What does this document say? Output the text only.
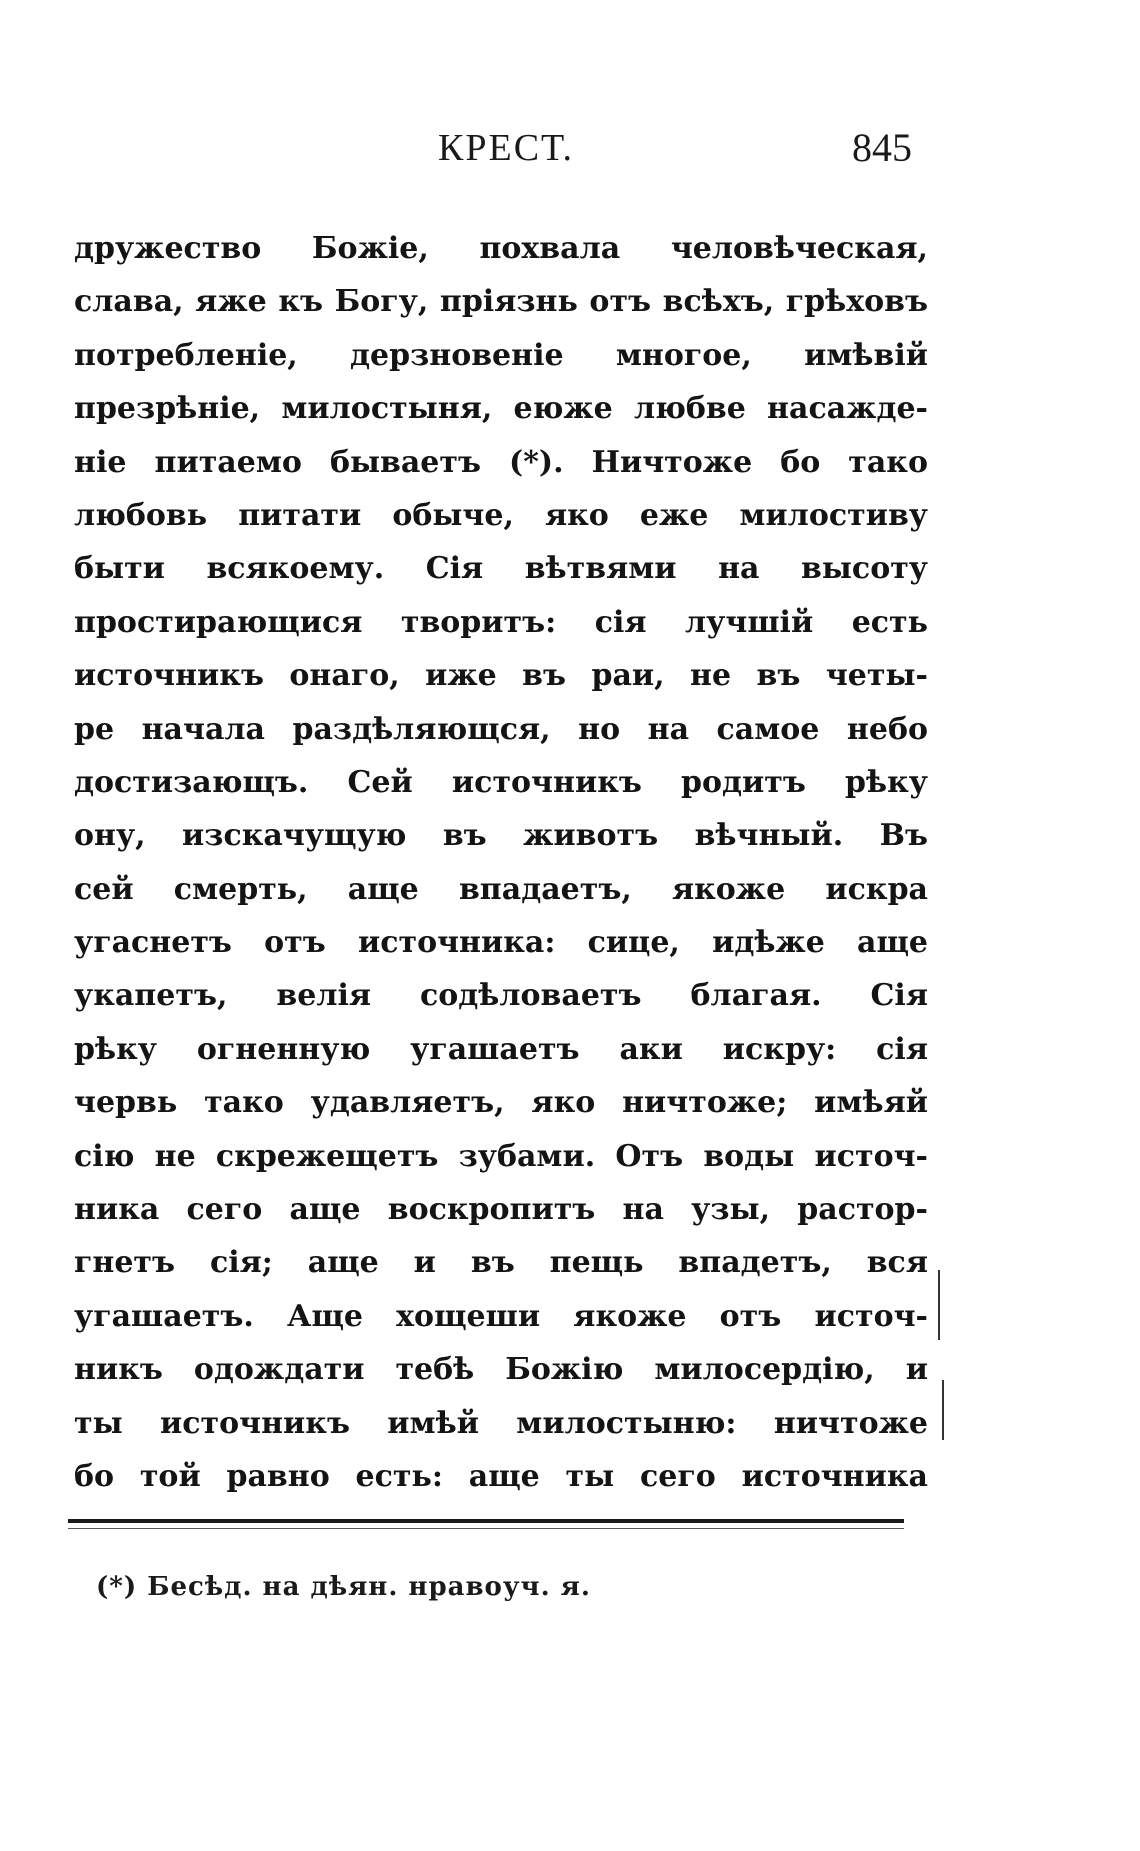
КРЕСТ.	845
дружество Божіе, похвала человѣческая,
слава, яже къ Богу, пріязнь отъ всѣхъ, грѣховъ
потребленіе, дерзновеніе многое, имѣвій
презрѣніе, милостыня, еюже любве насажде-
ніе питаемо бываетъ (*). Ничтоже бо тако
любовь питати обыче, яко еже милостиву
быти всякоему. Сія вѣтвями на высоту
простирающися творитъ: сія лучшій есть
источникъ онаго, иже въ раи, не въ четы-
ре начала раздѣляющся, но на самое небо
достизающъ. Сей источникъ родитъ рѣку
ону, изскачущую въ животъ вѣчный. Въ
сей смерть, аще впадаетъ, якоже искра
угаснетъ отъ источника: сице, идѣже аще
укапетъ, велія содѣловаетъ благая. Сія
рѣку огненную угашаетъ аки искру: сія
червь тако удавляетъ, яко ничтоже; имѣяй
сію не скрежещетъ зубами. Отъ воды источ-
ника сего аще воскропитъ на узы, растор-
гнетъ сія; аще и въ пещь впадетъ, вся
угашаетъ. Аще хощеши якоже отъ источ-
никъ одождати тебѣ Божію милосердію, и
ты источникъ имѣй милостыню: ничтоже
бо той равно есть: аще ты сего источника
(*) Бесѣд. на дѣян. нравоуч. я.
